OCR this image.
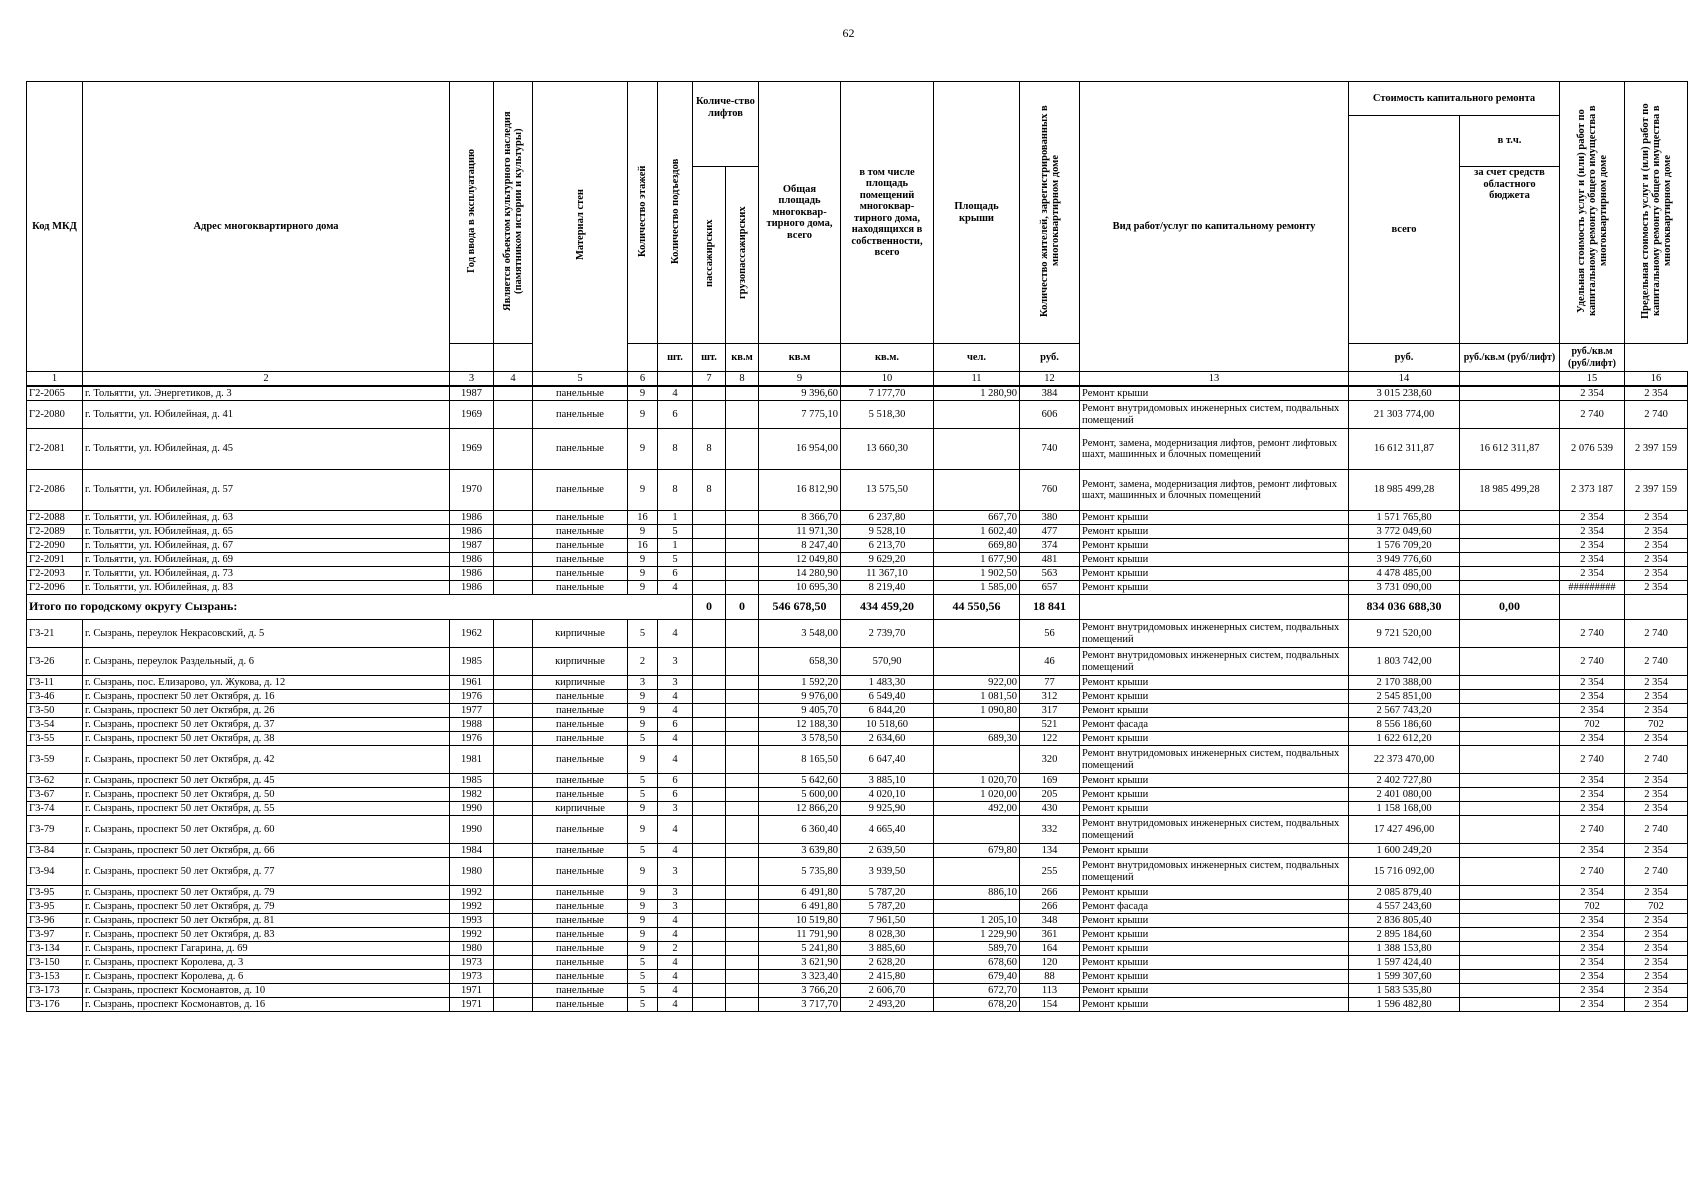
62
Код МКД	Адрес многоквартирного дома	Год ввода в эксплуатацию	Является объектом культурного наследия (памятником истории и культуры)	Материал стен	Количество этажей	Количество подъездов	Количе-ство лифтов		Общая площадь многоквар-тирного дома, всего	в том числе площадь помещений многоквар-тирного дома, находящихся в собственности, всего	Площадь крыши	Количество жителей, зарегистрированных в многоквартирном доме	Вид работ/услуг по капитальному ремонту	Стоимость капитального ремонта		Удельная стоимость услуг и (или) работ по капитальному ремонту общего имущества в многоквартирном доме	Предельная стоимость услуг и (или) работ по капитальному ремонту общего имущества в многоквартирном доме
														всего	в т.ч.		
							пассажирских	грузопассажирских							за счет средств областного бюджета		
						шт.	шт.	кв.м	кв.м	кв.м.	чел.	руб.		руб.	руб./кв.м (руб/лифт)	руб./кв.м (руб/лифт)	
1	2	3	4	5	6		7	8	9	10	11	12	13	14		15	16
Г2-2065	г. Тольятти, ул. Энергетиков, д. 3	1987		панельные	9	4			9 396,60	7 177,70	1 280,90	384	Ремонт крыши	3 015 238,60		2 354	2 354
Г2-2080	г. Тольятти, ул. Юбилейная, д. 41	1969		панельные	9	6			7 775,10	5 518,30		606	Ремонт внутридомовых инженерных систем, подвальных помещений	21 303 774,00		2 740	2 740
Г2-2081	г. Тольятти, ул. Юбилейная, д. 45	1969		панельные	9	8	8		16 954,00	13 660,30		740	Ремонт, замена, модернизация лифтов, ремонт лифтовых шахт, машинных и блочных помещений	16 612 311,87	16 612 311,87	2 076 539	2 397 159
Г2-2086	г. Тольятти, ул. Юбилейная, д. 57	1970		панельные	9	8	8		16 812,90	13 575,50		760	Ремонт, замена, модернизация лифтов, ремонт лифтовых шахт, машинных и блочных помещений	18 985 499,28	18 985 499,28	2 373 187	2 397 159
Г2-2088	г. Тольятти, ул. Юбилейная, д. 63	1986		панельные	16	1			8 366,70	6 237,80	667,70	380	Ремонт крыши	1 571 765,80		2 354	2 354
Г2-2089	г. Тольятти, ул. Юбилейная, д. 65	1986		панельные	9	5			11 971,30	9 528,10	1 602,40	477	Ремонт крыши	3 772 049,60		2 354	2 354
Г2-2090	г. Тольятти, ул. Юбилейная, д. 67	1987		панельные	16	1			8 247,40	6 213,70	669,80	374	Ремонт крыши	1 576 709,20		2 354	2 354
Г2-2091	г. Тольятти, ул. Юбилейная, д. 69	1986		панельные	9	5			12 049,80	9 629,20	1 677,90	481	Ремонт крыши	3 949 776,60		2 354	2 354
Г2-2093	г. Тольятти, ул. Юбилейная, д. 73	1986		панельные	9	6			14 280,90	11 367,10	1 902,50	563	Ремонт крыши	4 478 485,00		2 354	2 354
Г2-2096	г. Тольятти, ул. Юбилейная, д. 83	1986		панельные	9	4			10 695,30	8 219,40	1 585,00	657	Ремонт крыши	3 731 090,00		#########	2 354
Итого по городскому округу Сызрань:							0	0	546 678,50	434 459,20	44 550,56	18 841		834 036 688,30	0,00		
Г3-21	г. Сызрань, переулок Некрасовский, д. 5	1962		кирпичные	5	4			3 548,00	2 739,70		56	Ремонт внутридомовых инженерных систем, подвальных помещений	9 721 520,00		2 740	2 740
Г3-26	г. Сызрань, переулок Раздельный, д. 6	1985		кирпичные	2	3			658,30	570,90		46	Ремонт внутридомовых инженерных систем, подвальных помещений	1 803 742,00		2 740	2 740
Г3-11	г. Сызрань, пос. Елизарово, ул. Жукова, д. 12	1961		кирпичные	3	3			1 592,20	1 483,30	922,00	77	Ремонт крыши	2 170 388,00		2 354	2 354
Г3-46	г. Сызрань, проспект 50 лет Октября, д. 16	1976		панельные	9	4			9 976,00	6 549,40	1 081,50	312	Ремонт крыши	2 545 851,00		2 354	2 354
Г3-50	г. Сызрань, проспект 50 лет Октября, д. 26	1977		панельные	9	4			9 405,70	6 844,20	1 090,80	317	Ремонт крыши	2 567 743,20		2 354	2 354
Г3-54	г. Сызрань, проспект 50 лет Октября, д. 37	1988		панельные	9	6			12 188,30	10 518,60		521	Ремонт фасада	8 556 186,60		702	702
Г3-55	г. Сызрань, проспект 50 лет Октября, д. 38	1976		панельные	5	4			3 578,50	2 634,60	689,30	122	Ремонт крыши	1 622 612,20		2 354	2 354
Г3-59	г. Сызрань, проспект 50 лет Октября, д. 42	1981		панельные	9	4			8 165,50	6 647,40		320	Ремонт внутридомовых инженерных систем, подвальных помещений	22 373 470,00		2 740	2 740
Г3-62	г. Сызрань, проспект 50 лет Октября, д. 45	1985		панельные	5	6			5 642,60	3 885,10	1 020,70	169	Ремонт крыши	2 402 727,80		2 354	2 354
Г3-67	г. Сызрань, проспект 50 лет Октября, д. 50	1982		панельные	5	6			5 600,00	4 020,10	1 020,00	205	Ремонт крыши	2 401 080,00		2 354	2 354
Г3-74	г. Сызрань, проспект 50 лет Октября, д. 55	1990		кирпичные	9	3			12 866,20	9 925,90	492,00	430	Ремонт крыши	1 158 168,00		2 354	2 354
Г3-79	г. Сызрань, проспект 50 лет Октября, д. 60	1990		панельные	9	4			6 360,40	4 665,40		332	Ремонт внутридомовых инженерных систем, подвальных помещений	17 427 496,00		2 740	2 740
Г3-84	г. Сызрань, проспект 50 лет Октября, д. 66	1984		панельные	5	4			3 639,80	2 639,50	679,80	134	Ремонт крыши	1 600 249,20		2 354	2 354
Г3-94	г. Сызрань, проспект 50 лет Октября, д. 77	1980		панельные	9	3			5 735,80	3 939,50		255	Ремонт внутридомовых инженерных систем, подвальных помещений	15 716 092,00		2 740	2 740
Г3-95	г. Сызрань, проспект 50 лет Октября, д. 79	1992		панельные	9	3			6 491,80	5 787,20	886,10	266	Ремонт крыши	2 085 879,40		2 354	2 354
Г3-95	г. Сызрань, проспект 50 лет Октября, д. 79	1992		панельные	9	3			6 491,80	5 787,20		266	Ремонт фасада	4 557 243,60		702	702
Г3-96	г. Сызрань, проспект 50 лет Октября, д. 81	1993		панельные	9	4			10 519,80	7 961,50	1 205,10	348	Ремонт крыши	2 836 805,40		2 354	2 354
Г3-97	г. Сызрань, проспект 50 лет Октября, д. 83	1992		панельные	9	4			11 791,90	8 028,30	1 229,90	361	Ремонт крыши	2 895 184,60		2 354	2 354
Г3-134	г. Сызрань, проспект Гагарина, д. 69	1980		панельные	9	2			5 241,80	3 885,60	589,70	164	Ремонт крыши	1 388 153,80		2 354	2 354
Г3-150	г. Сызрань, проспект Королева, д. 3	1973		панельные	5	4			3 621,90	2 628,20	678,60	120	Ремонт крыши	1 597 424,40		2 354	2 354
Г3-153	г. Сызрань, проспект Королева, д. 6	1973		панельные	5	4			3 323,40	2 415,80	679,40	88	Ремонт крыши	1 599 307,60		2 354	2 354
Г3-173	г. Сызрань, проспект Космонавтов, д. 10	1971		панельные	5	4			3 766,20	2 606,70	672,70	113	Ремонт крыши	1 583 535,80		2 354	2 354
Г3-176	г. Сызрань, проспект Космонавтов, д. 16	1971		панельные	5	4			3 717,70	2 493,20	678,20	154	Ремонт крыши	1 596 482,80		2 354	2 354
